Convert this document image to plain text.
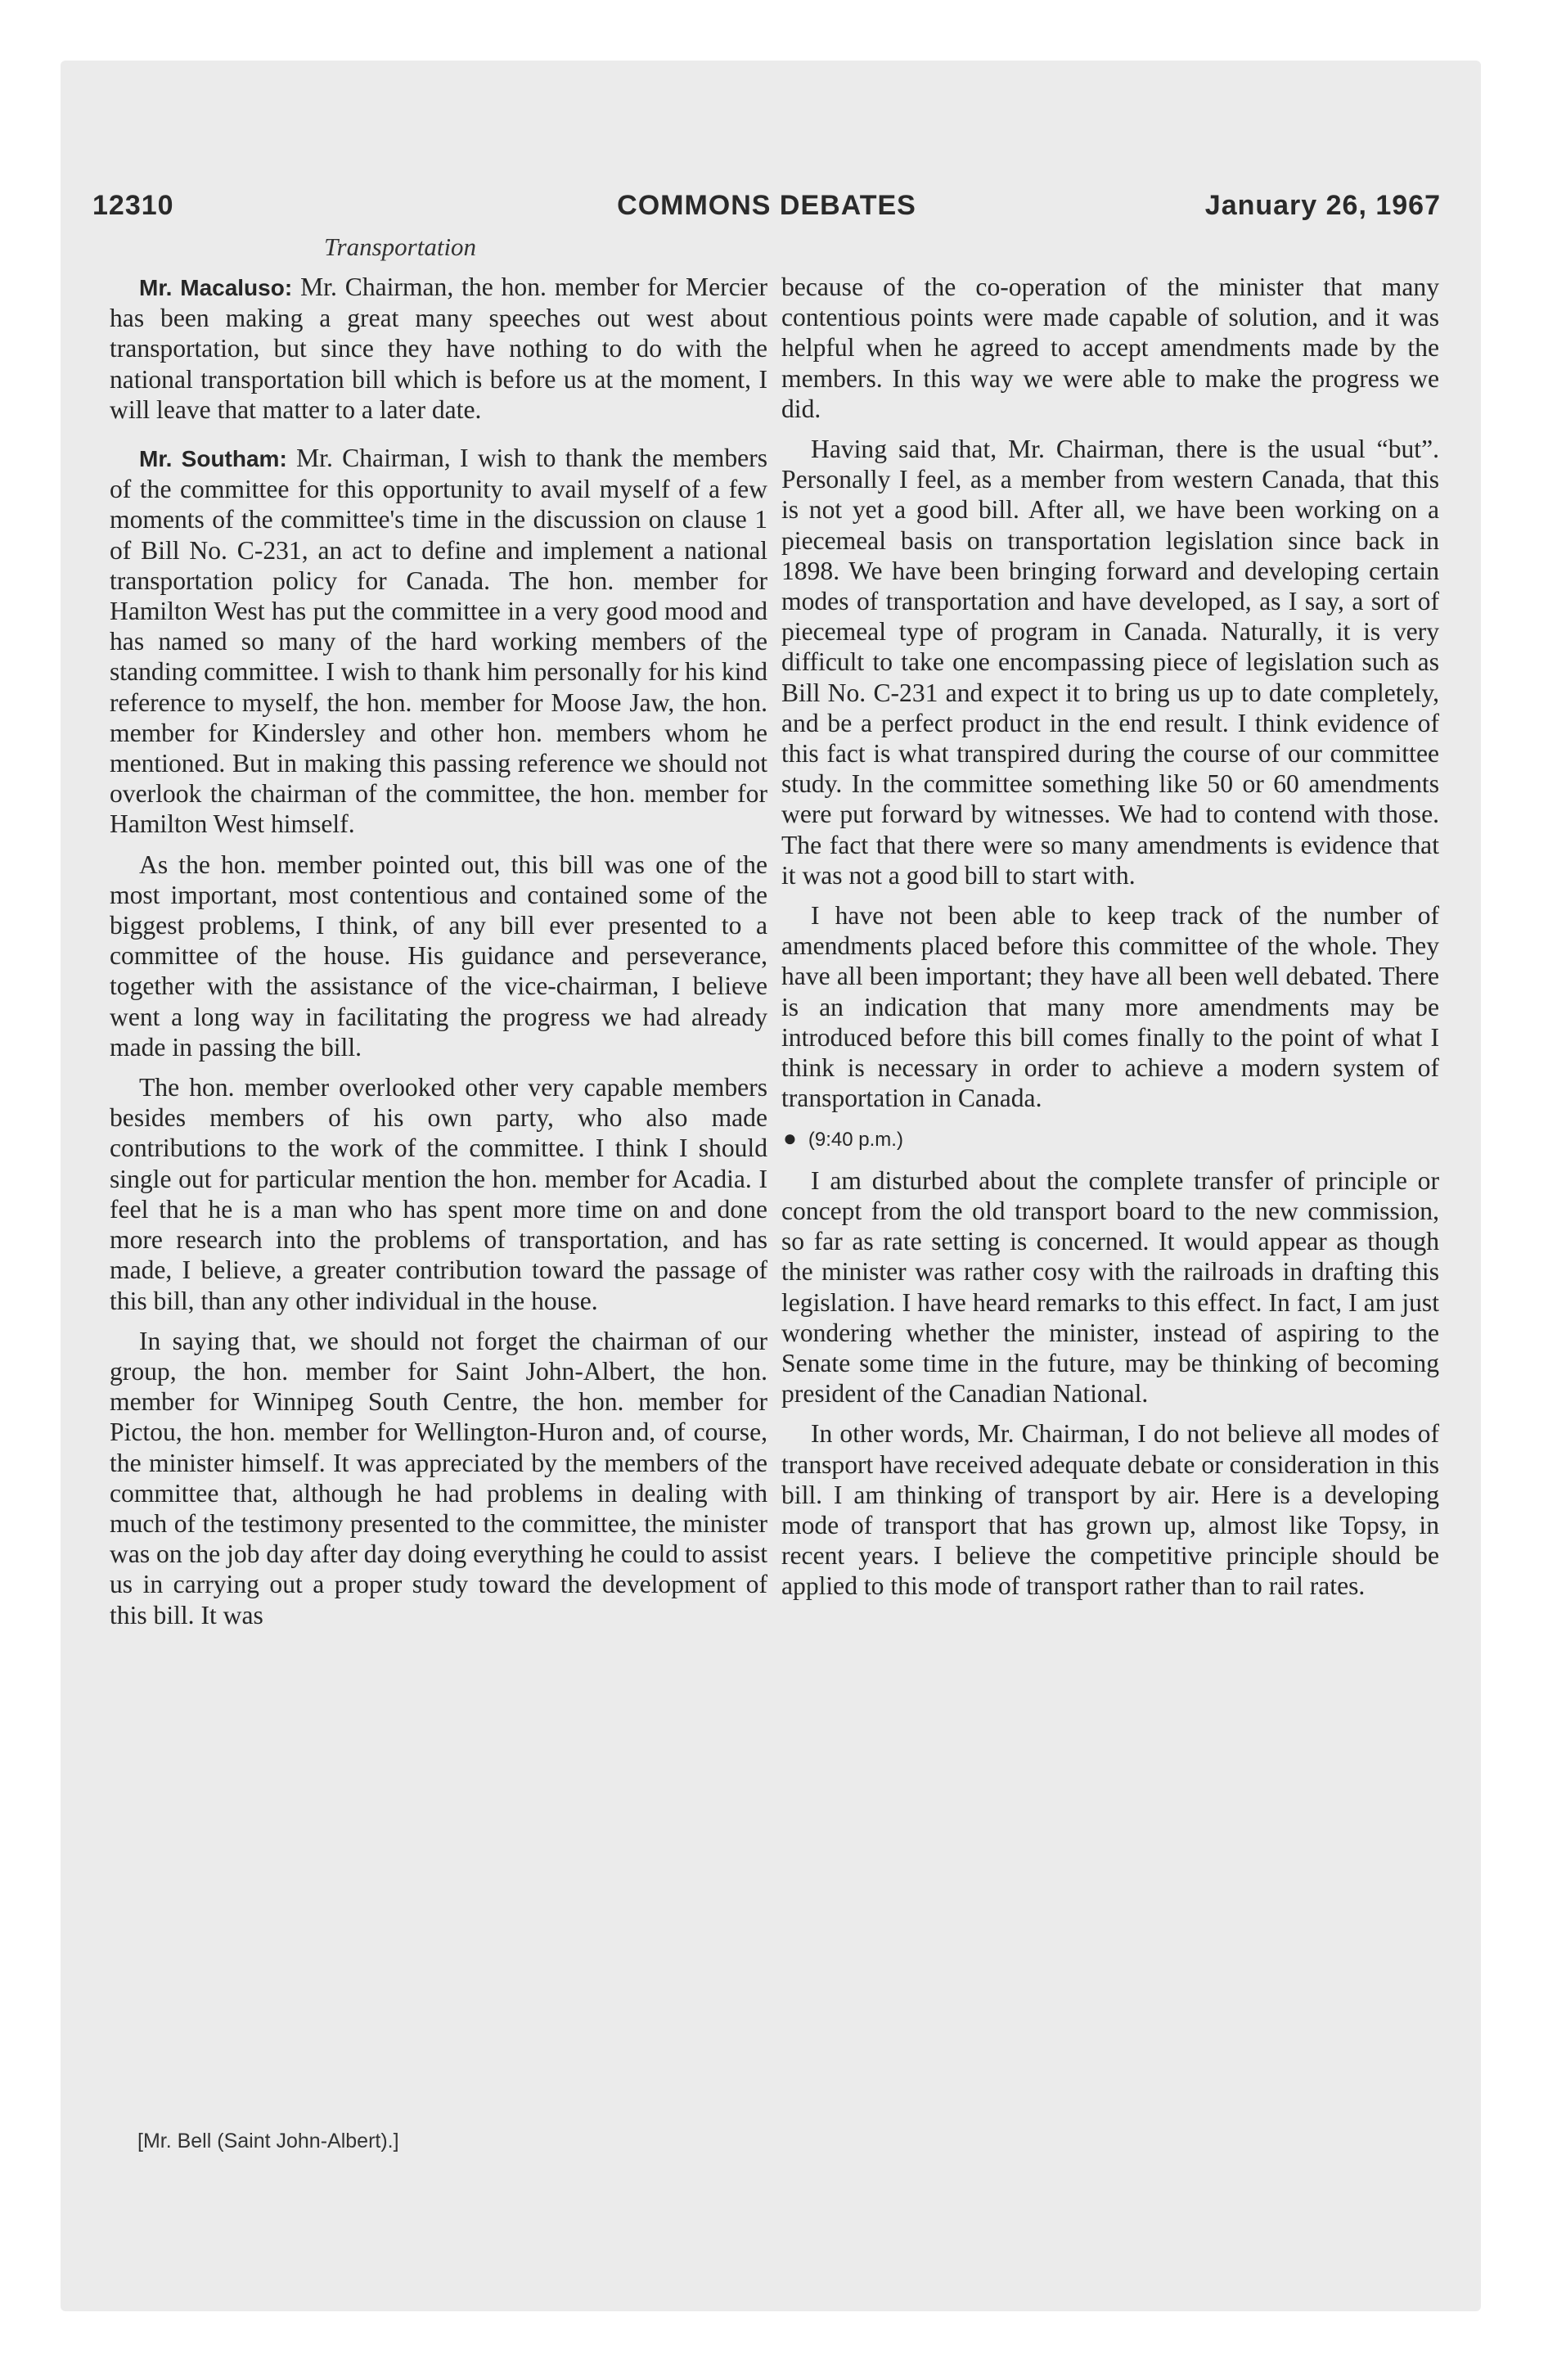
12310	COMMONS DEBATES	January 26, 1967
Transportation

Mr. Macaluso: Mr. Chairman, the hon. member for Mercier has been making a great many speeches out west about transportation, but since they have nothing to do with the national transportation bill which is before us at the moment, I will leave that matter to a later date.

Mr. Southam: Mr. Chairman, I wish to thank the members of the committee for this opportunity to avail myself of a few moments of the committee's time in the discussion on clause 1 of Bill No. C-231, an act to define and implement a national transportation policy for Canada. The hon. member for Hamilton West has put the committee in a very good mood and has named so many of the hard working members of the standing committee. I wish to thank him personally for his kind reference to myself, the hon. member for Moose Jaw, the hon. member for Kindersley and other hon. members whom he mentioned. But in making this passing reference we should not overlook the chairman of the committee, the hon. member for Hamilton West himself.

As the hon. member pointed out, this bill was one of the most important, most contentious and contained some of the biggest problems, I think, of any bill ever presented to a committee of the house. His guidance and perseverance, together with the assistance of the vice-chairman, I believe went a long way in facilitating the progress we had already made in passing the bill.

The hon. member overlooked other very capable members besides members of his own party, who also made contributions to the work of the committee. I think I should single out for particular mention the hon. member for Acadia. I feel that he is a man who has spent more time on and done more research into the problems of transportation, and has made, I believe, a greater contribution toward the passage of this bill, than any other individual in the house.

In saying that, we should not forget the chairman of our group, the hon. member for Saint John-Albert, the hon. member for Winnipeg South Centre, the hon. member for Pictou, the hon. member for Wellington-Huron and, of course, the minister himself. It was appreciated by the members of the committee that, although he had problems in dealing with much of the testimony presented to the committee, the minister was on the job day after day doing everything he could to assist us in carrying out a proper study toward the development of this bill. It was

because of the co-operation of the minister that many contentious points were made capable of solution, and it was helpful when he agreed to accept amendments made by the members. In this way we were able to make the progress we did.

Having said that, Mr. Chairman, there is the usual “but”. Personally I feel, as a member from western Canada, that this is not yet a good bill. After all, we have been working on a piecemeal basis on transportation legislation since back in 1898. We have been bringing forward and developing certain modes of transportation and have developed, as I say, a sort of piecemeal type of program in Canada. Naturally, it is very difficult to take one encompassing piece of legislation such as Bill No. C-231 and expect it to bring us up to date completely, and be a perfect product in the end result. I think evidence of this fact is what transpired during the course of our committee study. In the committee something like 50 or 60 amendments were put forward by witnesses. We had to contend with those. The fact that there were so many amendments is evidence that it was not a good bill to start with.

I have not been able to keep track of the number of amendments placed before this committee of the whole. They have all been important; they have all been well debated. There is an indication that many more amendments may be introduced before this bill comes finally to the point of what I think is necessary in order to achieve a modern system of transportation in Canada.

● (9:40 p.m.)

I am disturbed about the complete transfer of principle or concept from the old transport board to the new commission, so far as rate setting is concerned. It would appear as though the minister was rather cosy with the railroads in drafting this legislation. I have heard remarks to this effect. In fact, I am just wondering whether the minister, instead of aspiring to the Senate some time in the future, may be thinking of becoming president of the Canadian National.

In other words, Mr. Chairman, I do not believe all modes of transport have received adequate debate or consideration in this bill. I am thinking of transport by air. Here is a developing mode of transport that has grown up, almost like Topsy, in recent years. I believe the competitive principle should be applied to this mode of transport rather than to rail rates.

[Mr. Bell (Saint John-Albert).]
